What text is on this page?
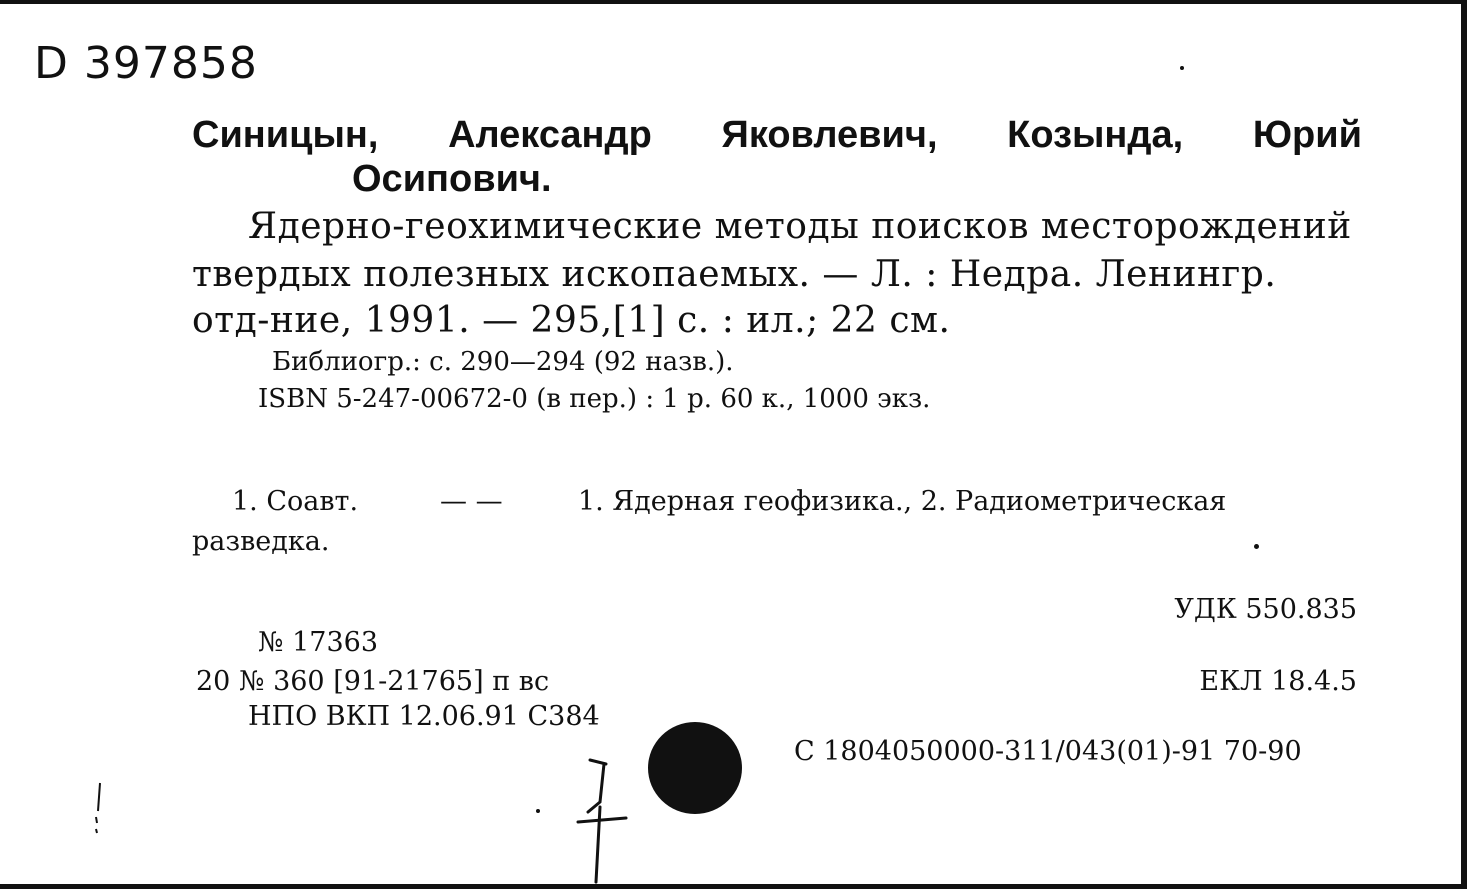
D 397858
Синицын, Александр Яковлевич, Козында, Юрий
Осипович.
Ядерно-геохимические методы поисков месторождений
твердых полезных ископаемых. — Л. : Недра. Ленингр.
отд-ние, 1991. — 295,[1] с. : ил.; 22 см.
Библиогр.: с. 290—294 (92 назв.).
ISBN 5-247-00672-0 (в пер.) : 1 р. 60 к., 1000 экз.
1. Соавт.	— —	1. Ядерная геофизика., 2. Радиометрическая
разведка.
УДК 550.835
№ 17363
20 № 360 [91-21765] п вс	ЕКЛ 18.4.5
НПО ВКП 12.06.91 С384
С 1804050000-311/043(01)-91 70-90
